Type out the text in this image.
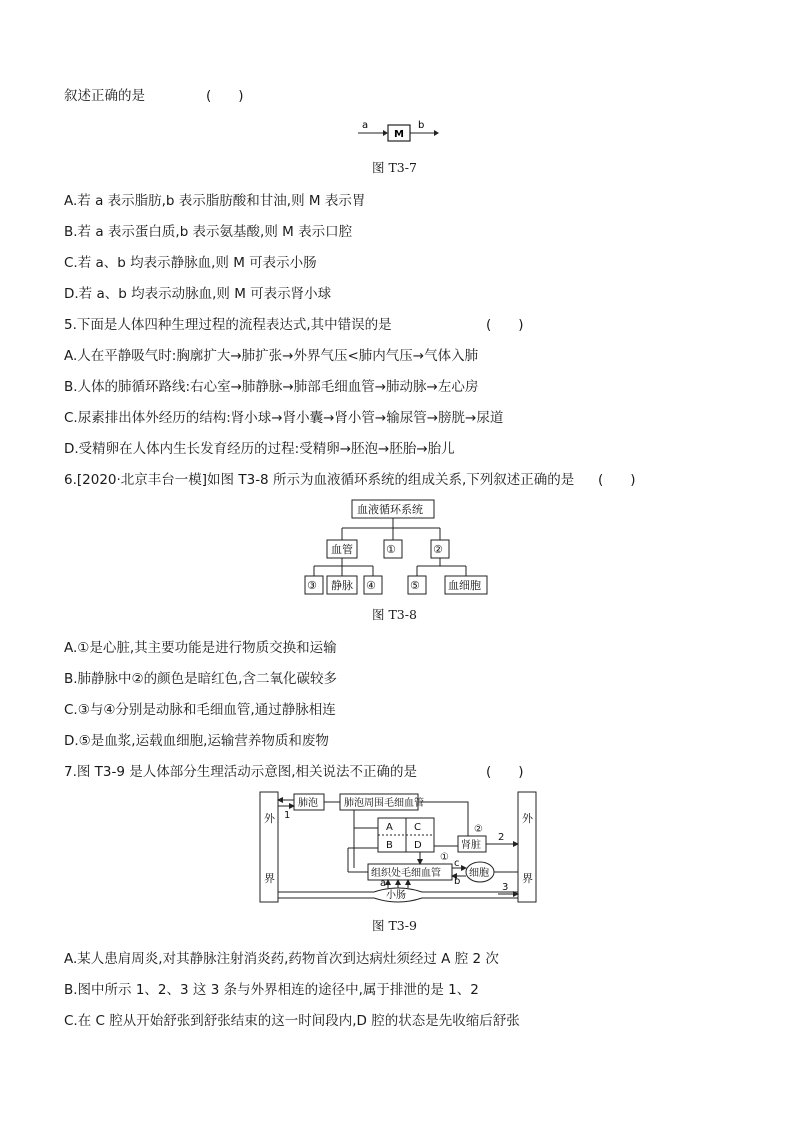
叙述正确的是	(　　)
a
M
b
图 T3-7
A.若 a 表示脂肪,b 表示脂肪酸和甘油,则 M 表示胃
B.若 a 表示蛋白质,b 表示氨基酸,则 M 表示口腔
C.若 a、b 均表示静脉血,则 M 可表示小肠
D.若 a、b 均表示动脉血,则 M 可表示肾小球
5.下面是人体四种生理过程的流程表达式,其中错误的是	(　　)
A.人在平静吸气时:胸廓扩大→肺扩张→外界气压<肺内气压→气体入肺
B.人体的肺循环路线:右心室→肺静脉→肺部毛细血管→肺动脉→左心房
C.尿素排出体外经历的结构:肾小球→肾小囊→肾小管→输尿管→膀胱→尿道
D.受精卵在人体内生长发育经历的过程:受精卵→胚泡→胚胎→胎儿
6.[2020·北京丰台一模]如图 T3-8 所示为血液循环系统的组成关系,下列叙述正确的是 (　　)
血液循环系统
血管	①	②
③ 静脉 ④	⑤	血细胞
图 T3-8
A.①是心脏,其主要功能是进行物质交换和运输
B.肺静脉中②的颜色是暗红色,含二氧化碳较多
C.③与④分别是动脉和毛细血管,通过静脉相连
D.⑤是血浆,运载血细胞,运输营养物质和废物
7.图 T3-9 是人体部分生理活动示意图,相关说法不正确的是	(　　)
外
界
外
界
肺泡	肺泡周围毛细血管
A
B
C
D	肾脏
组织处毛细血管	细胞
小肠
1
2
3
①
②
a	b
c
图 T3-9
A.某人患肩周炎,对其静脉注射消炎药,药物首次到达病灶须经过 A 腔 2 次
B.图中所示 1、2、3 这 3 条与外界相连的途径中,属于排泄的是 1、2
C.在 C 腔从开始舒张到舒张结束的这一时间段内,D 腔的状态是先收缩后舒张
